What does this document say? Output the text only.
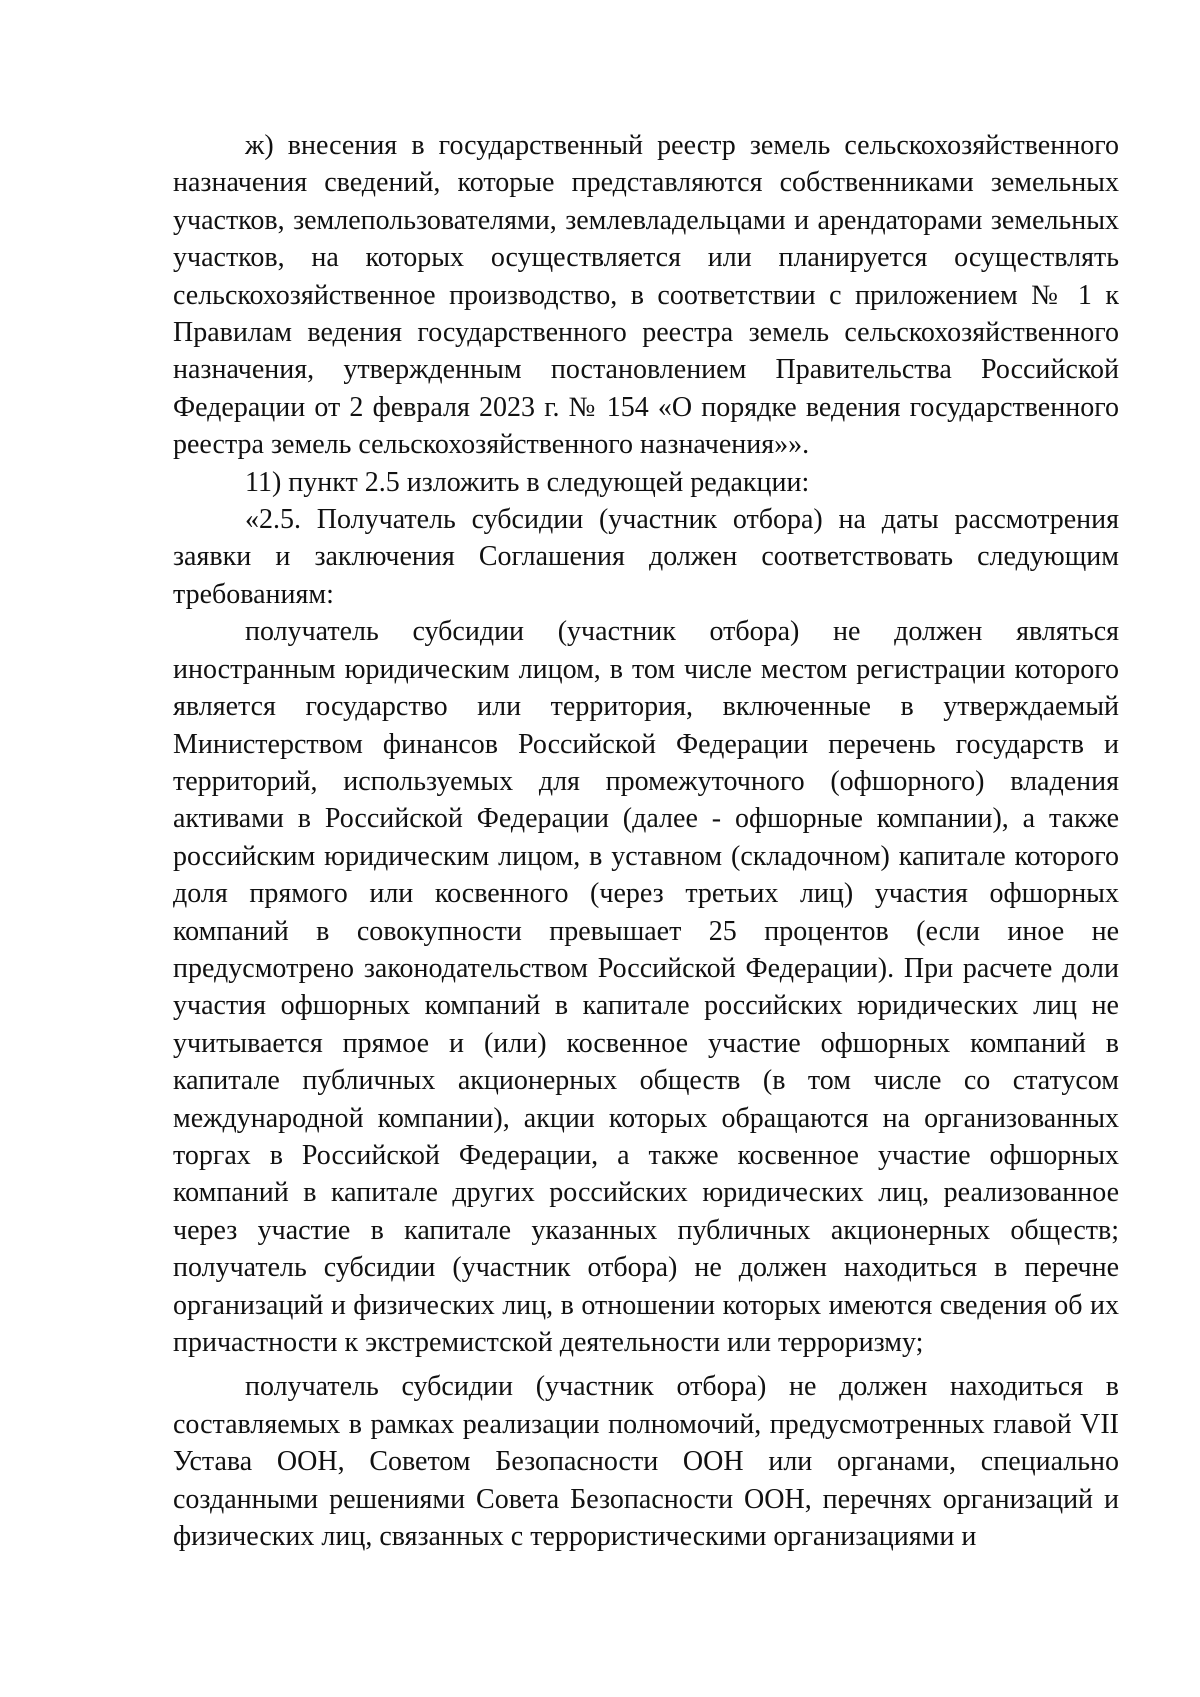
ж) внесения в государственный реестр земель сельскохозяйственного назначения сведений, которые представляются собственниками земельных участков, землепользователями, землевладельцами и арендаторами земельных участков, на которых осуществляется или планируется осуществлять сельскохозяйственное производство, в соответствии с приложением № 1 к Правилам ведения государственного реестра земель сельскохозяйственного назначения, утвержденным постановлением Правительства Российской Федерации от 2 февраля 2023 г. № 154 «О порядке ведения государственного реестра земель сельскохозяйственного назначения»».

11) пункт 2.5 изложить в следующей редакции:

«2.5. Получатель субсидии (участник отбора) на даты рассмотрения заявки и заключения Соглашения должен соответствовать следующим требованиям:

получатель субсидии (участник отбора) не должен являться иностранным юридическим лицом, в том числе местом регистрации которого является государство или территория, включенные в утверждаемый Министерством финансов Российской Федерации перечень государств и территорий, используемых для промежуточного (офшорного) владения активами в Российской Федерации (далее - офшорные компании), а также российским юридическим лицом, в уставном (складочном) капитале которого доля прямого или косвенного (через третьих лиц) участия офшорных компаний в совокупности превышает 25 процентов (если иное не предусмотрено законодательством Российской Федерации). При расчете доли участия офшорных компаний в капитале российских юридических лиц не учитывается прямое и (или) косвенное участие офшорных компаний в капитале публичных акционерных обществ (в том числе со статусом международной компании), акции которых обращаются на организованных торгах в Российской Федерации, а также косвенное участие офшорных компаний в капитале других российских юридических лиц, реализованное через участие в капитале указанных публичных акционерных обществ; получатель субсидии (участник отбора) не должен находиться в перечне организаций и физических лиц, в отношении которых имеются сведения об их причастности к экстремистской деятельности или терроризму;

получатель субсидии (участник отбора) не должен находиться в составляемых в рамках реализации полномочий, предусмотренных главой VII Устава ООН, Советом Безопасности ООН или органами, специально созданными решениями Совета Безопасности ООН, перечнях организаций и физических лиц, связанных с террористическими организациями и
